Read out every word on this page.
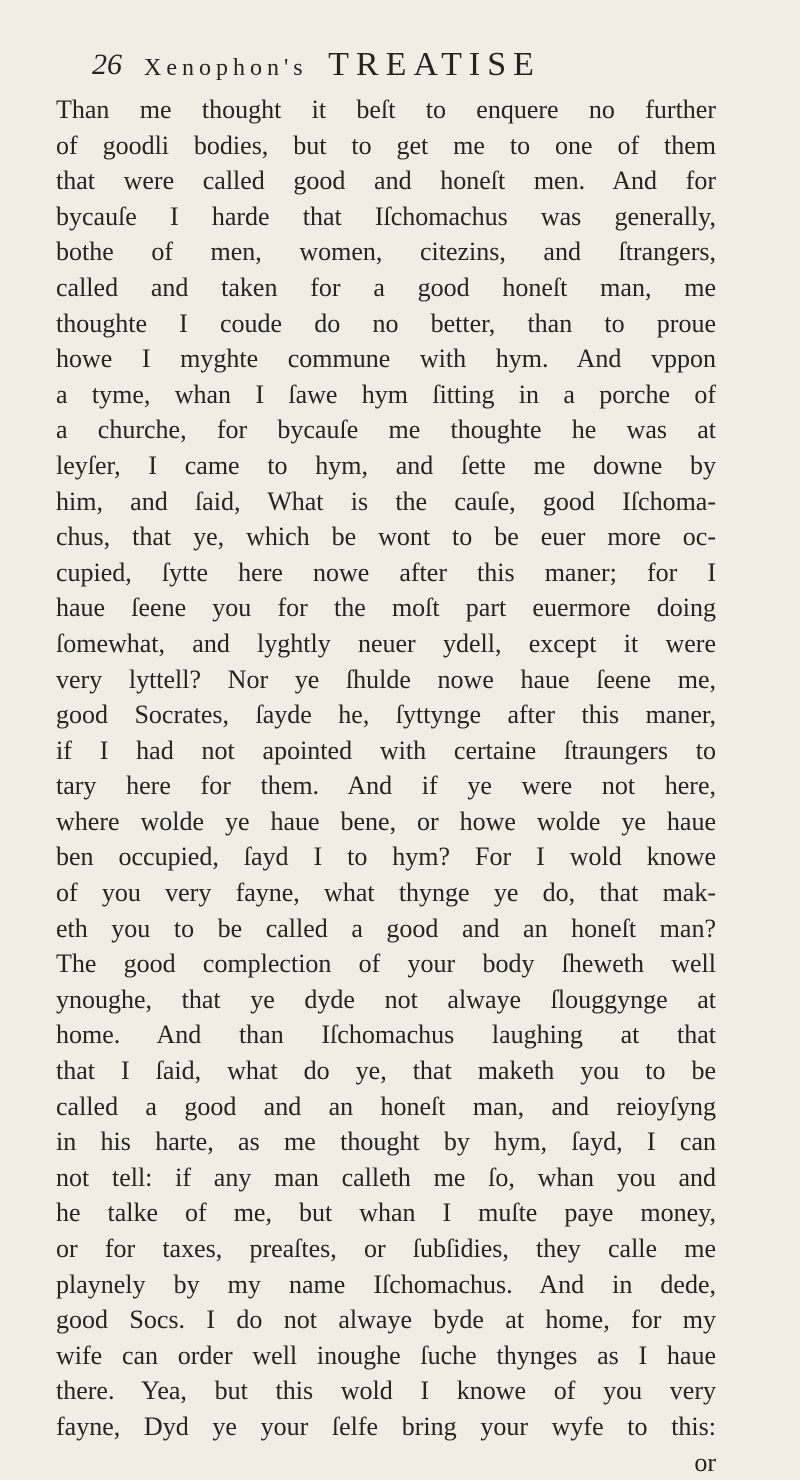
26 Xenophon's TREATISE
Than me thought it beſt to enquere no further
of goodli bodies, but to get me to one of them
that were called good and honeſt men. And for
bycauſe I harde that Iſchomachus was generally,
bothe of men, women, citezins, and ſtrangers,
called and taken for a good honeſt man, me
thoughte I coude do no better, than to proue
howe I myghte commune with hym. And vppon
a tyme, whan I ſawe hym ſitting in a porche of
a churche, for bycauſe me thoughte he was at
leyſer, I came to hym, and ſette me downe by
him, and ſaid, What is the cauſe, good Iſchoma-
chus, that ye, which be wont to be euer more oc-
cupied, ſytte here nowe after this maner; for I
haue ſeene you for the moſt part euermore doing
ſomewhat, and lyghtly neuer ydell, except it were
very lyttell? Nor ye ſhulde nowe haue ſeene me,
good Socrates, ſayde he, ſyttynge after this maner,
if I had not apointed with certaine ſtraungers to
tary here for them. And if ye were not here,
where wolde ye haue bene, or howe wolde ye haue
ben occupied, ſayd I to hym? For I wold knowe
of you very fayne, what thynge ye do, that mak-
eth you to be called a good and an honeſt man?
The good complection of your body ſheweth well
ynoughe, that ye dyde not alwaye ſlouggynge at
home. And than Iſchomachus laughing at that
that I ſaid, what do ye, that maketh you to be
called a good and an honeſt man, and reioyſyng
in his harte, as me thought by hym, ſayd, I can
not tell: if any man calleth me ſo, whan you and
he talke of me, but whan I muſte paye money,
or for taxes, preaſtes, or ſubſidies, they calle me
playnely by my name Iſchomachus. And in dede,
good Socs. I do not alwaye byde at home, for my
wife can order well inoughe ſuche thynges as I haue
there. Yea, but this wold I knowe of you very
fayne, Dyd ye your ſelfe bring your wyfe to this:
or
